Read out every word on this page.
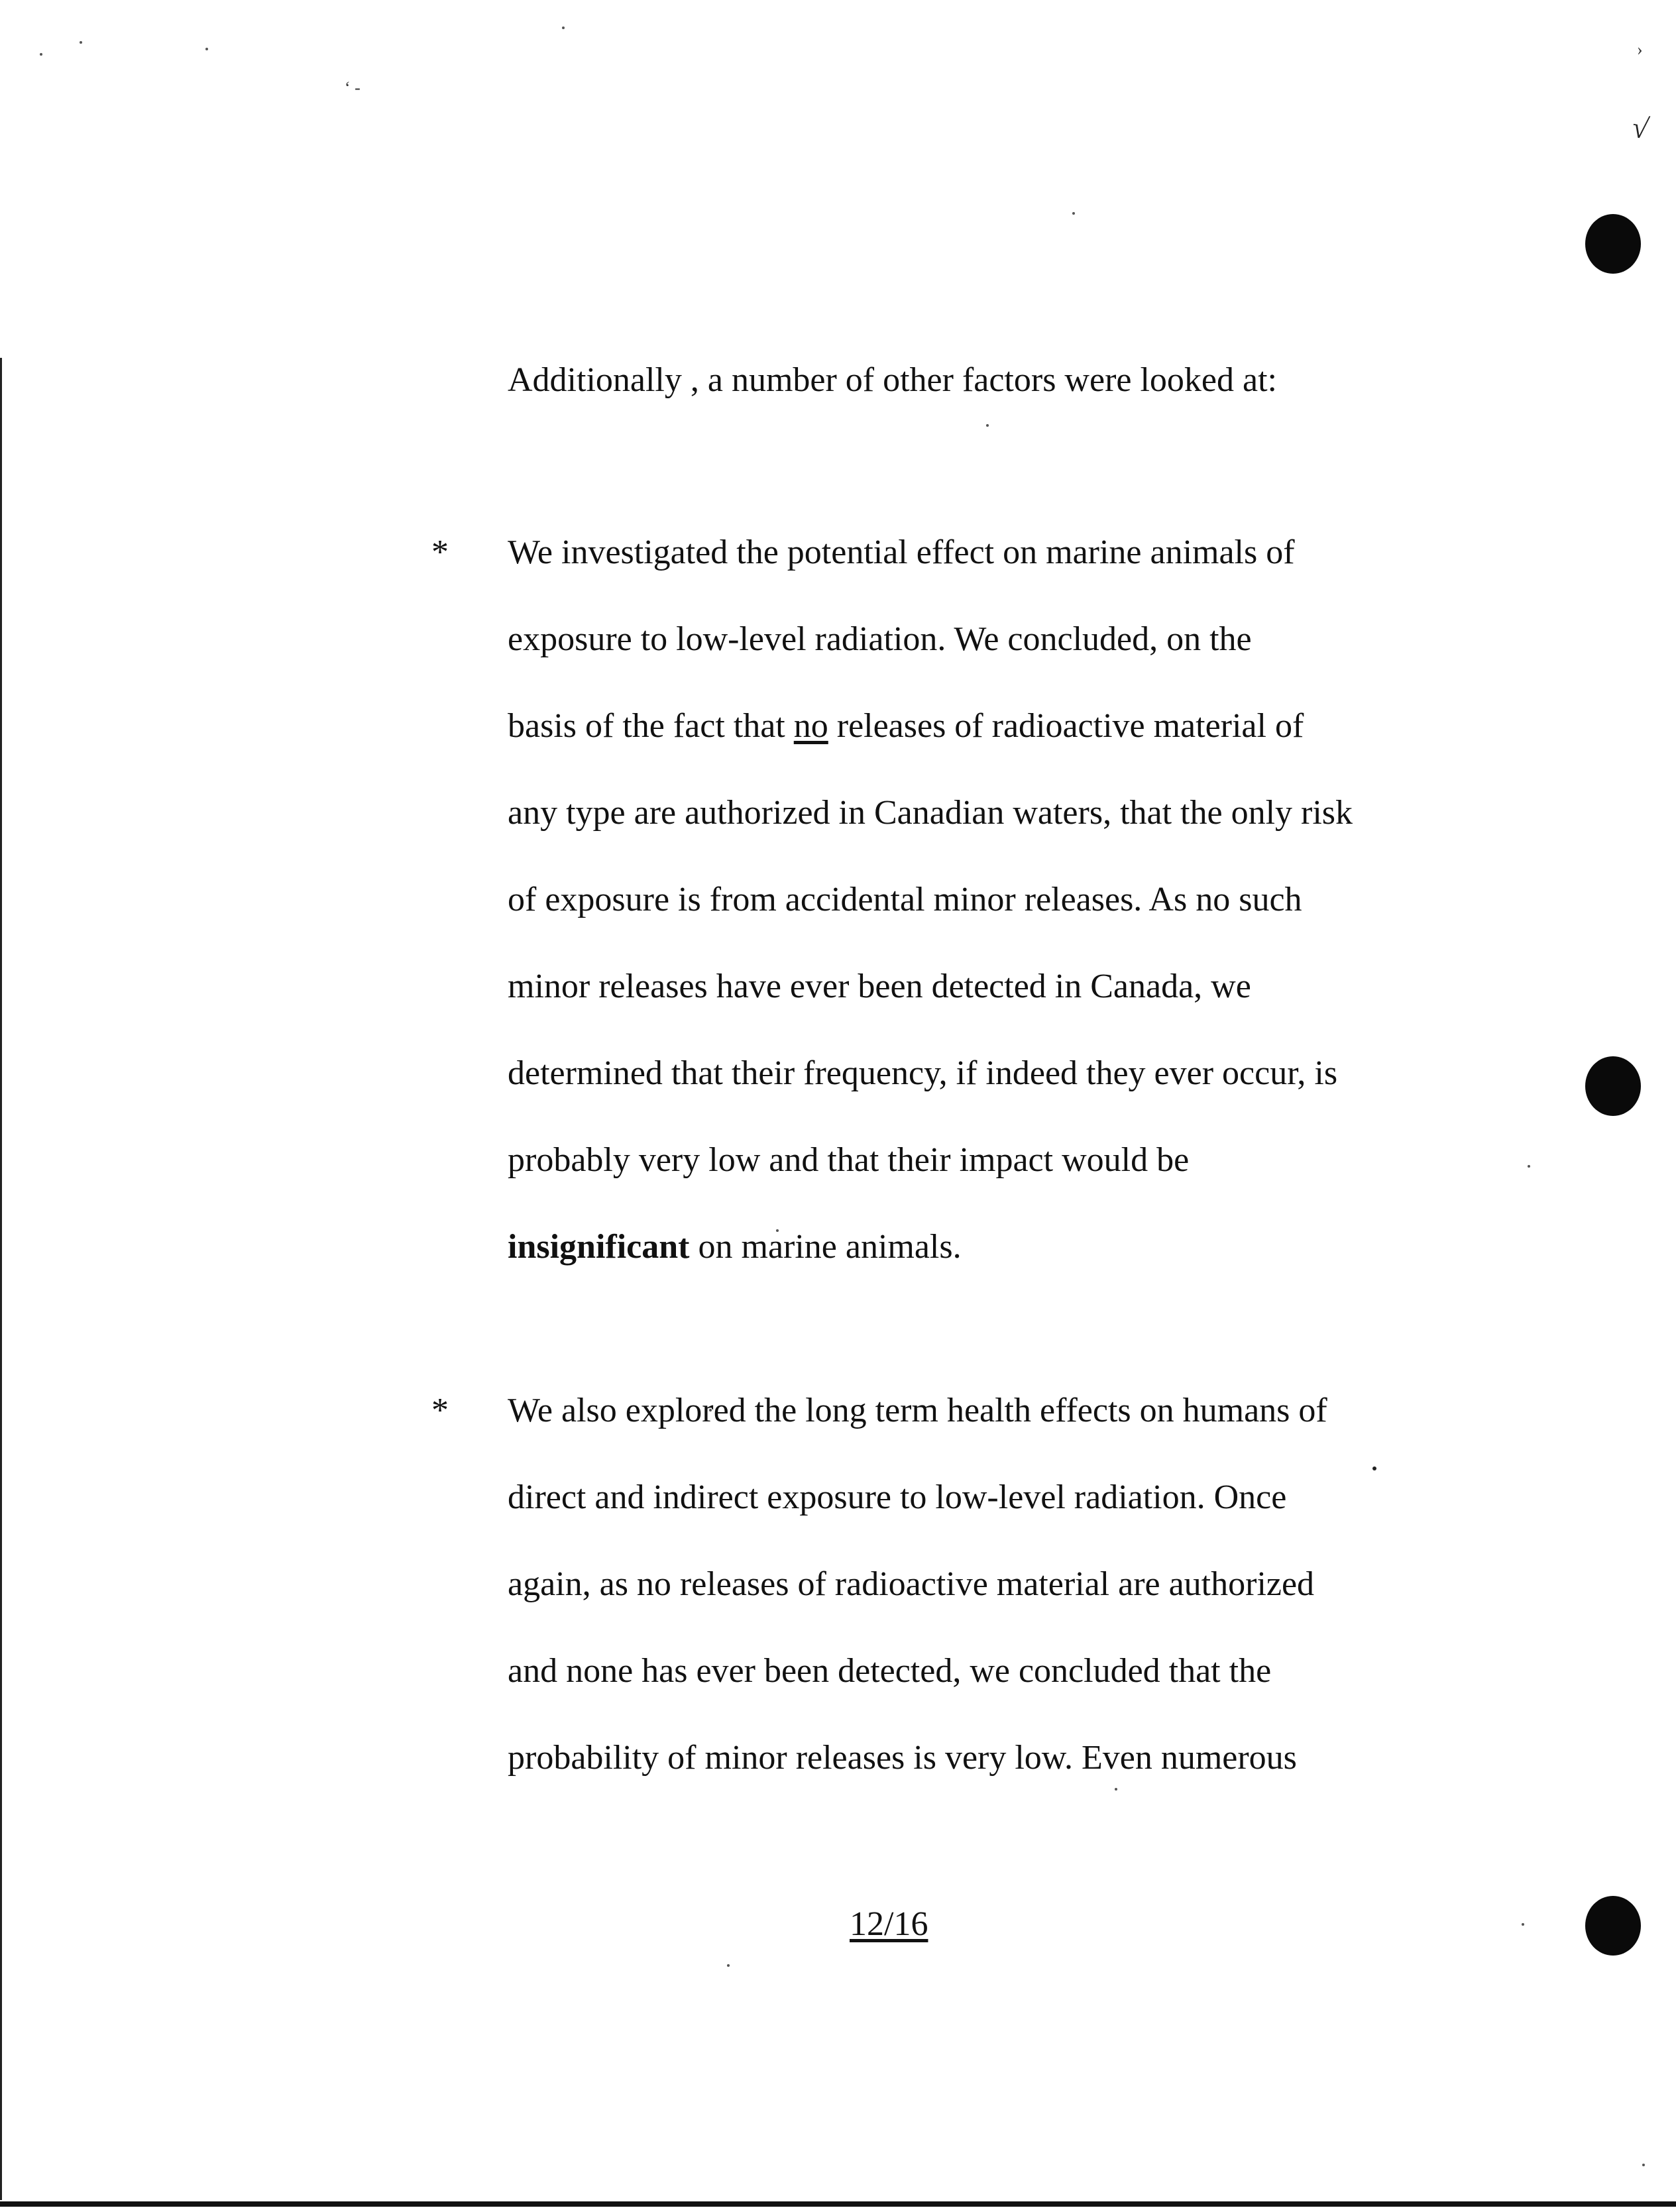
√
›
‘ -
Additionally , a number of other factors were looked at:
* We investigated the potential effect on marine animals of
exposure to low-level radiation. We concluded, on the
basis of the fact that no releases of radioactive material of
any type are authorized in Canadian waters, that the only risk
of exposure is from accidental minor releases. As no such
minor releases have ever been detected in Canada, we
determined that their frequency, if indeed they ever occur, is
probably very low and that their impact would be
insignificant on marine animals.
* We also explored the long term health effects on humans of
direct and indirect exposure to low-level radiation. Once
again, as no releases of radioactive material are authorized
and none has ever been detected, we concluded that the
probability of minor releases is very low. Even numerous
12/16
